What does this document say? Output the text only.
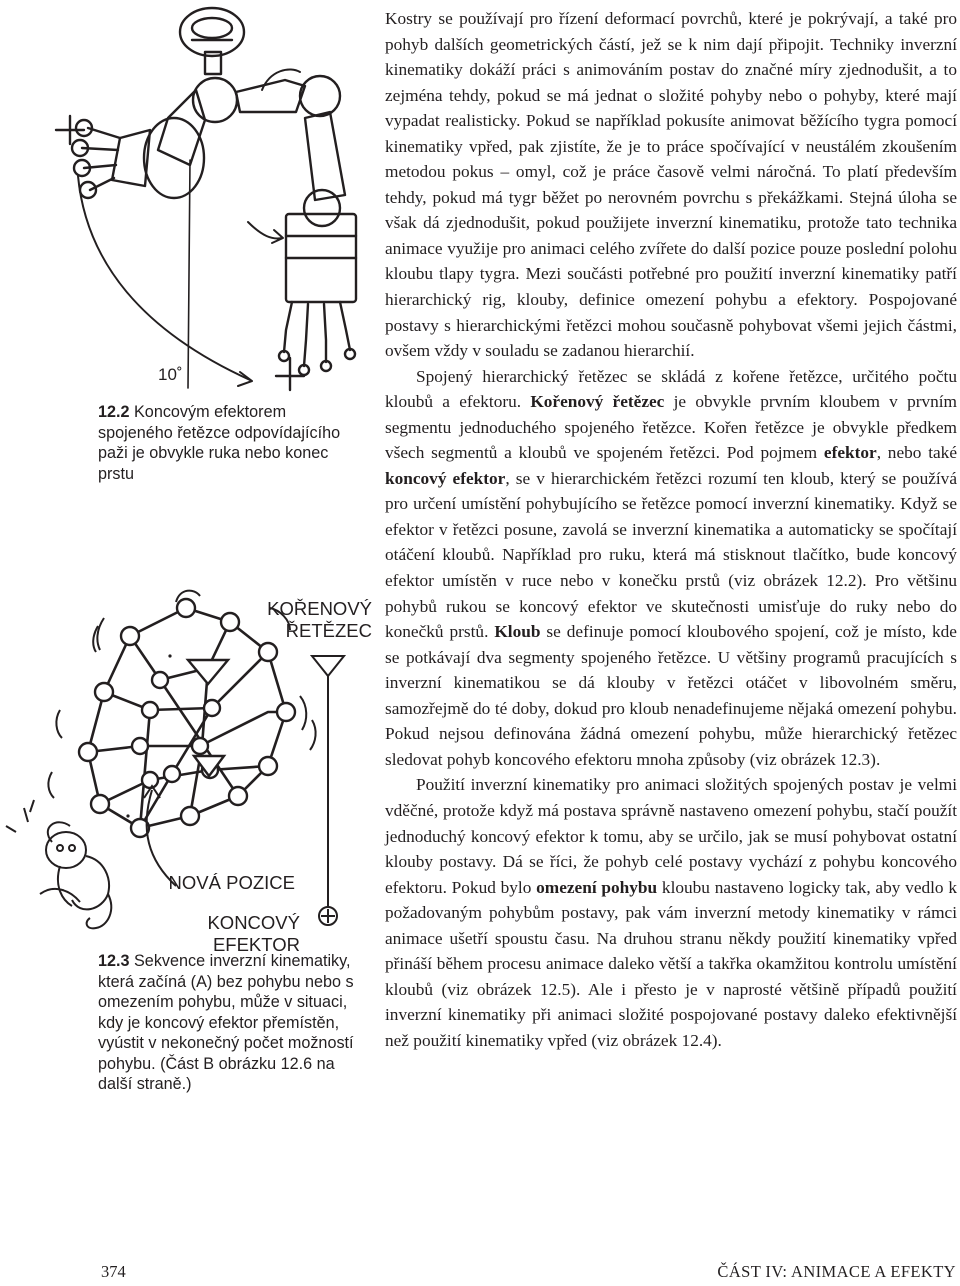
10˚
12.2 Koncovým efektorem spojeného řetězce odpovídajícího paži je obvykle ruka nebo konec prstu
KOŘENOVÝ ŘETĚZEC
NOVÁ POZICE
KONCOVÝ EFEKTOR
12.3 Sekvence inverzní kinematiky, která začíná (A) bez pohybu nebo s omezením pohybu, může v situaci, kdy je koncový efektor přemístěn, vyústit v nekonečný počet možností pohybu. (Část B obrázku 12.6 na další straně.)

Kostry se používají pro řízení deformací povrchů, které je pokrývají, a také pro pohyb dalších geometrických částí, jež se k nim dají připojit. Techniky inverzní kinematiky dokáží práci s animováním postav do značné míry zjednodušit, a to zejména tehdy, pokud se má jednat o složité pohyby nebo o pohyby, které mají vypadat realisticky. Pokud se například pokusíte animovat běžícího tygra pomocí kinematiky vpřed, pak zjistíte, že je to práce spočívající v neustálém zkoušením metodou pokus – omyl, což je práce časově velmi náročná. To platí především tehdy, pokud má tygr běžet po nerovném povrchu s překážkami. Stejná úloha se však dá zjednodušit, pokud použijete inverzní kinematiku, protože tato technika animace využije pro animaci celého zvířete do další pozice pouze poslední polohu kloubu tlapy tygra. Mezi součásti potřebné pro použití inverzní kinematiky patří hierarchický rig, klouby, definice omezení pohybu a efektory. Pospojované postavy s hierarchickými řetězci mohou současně pohybovat všemi jejich částmi, ovšem vždy v souladu se zadanou hierarchií.

Spojený hierarchický řetězec se skládá z kořene řetězce, určitého počtu kloubů a efektoru. Kořenový řetězec je obvykle prvním kloubem v prvním segmentu jednoduchého spojeného řetězce. Kořen řetězce je obvykle předkem všech segmentů a kloubů ve spojeném řetězci. Pod pojmem efektor, nebo také koncový efektor, se v hierarchickém řetězci rozumí ten kloub, který se používá pro určení umístění pohybujícího se řetězce pomocí inverzní kinematiky. Když se efektor v řetězci posune, zavolá se inverzní kinematika a automaticky se spočítají otáčení kloubů. Například pro ruku, která má stisknout tlačítko, bude koncový efektor umístěn v ruce nebo v konečku prstů (viz obrázek 12.2). Pro většinu pohybů rukou se koncový efektor ve skutečnosti umisťuje do ruky nebo do konečků prstů. Kloub se definuje pomocí kloubového spojení, což je místo, kde se potkávají dva segmenty spojeného řetězce. U většiny programů pracujících s inverzní kinematikou se dá klouby v řetězci otáčet v libovolném směru, samozřejmě do té doby, dokud pro kloub nenadefinujeme nějaká omezení pohybu. Pokud nejsou definována žádná omezení pohybu, může hierarchický řetězec sledovat pohyb koncového efektoru mnoha způsoby (viz obrázek 12.3).

Použití inverzní kinematiky pro animaci složitých spojených postav je velmi vděčné, protože když má postava správně nastaveno omezení pohybu, stačí použít jednoduchý koncový efektor k tomu, aby se určilo, jak se musí pohybovat ostatní klouby postavy. Dá se říci, že pohyb celé postavy vychází z pohybu koncového efektoru. Pokud bylo omezení pohybu kloubu nastaveno logicky tak, aby vedlo k požadovaným pohybům postavy, pak vám inverzní metody kinematiky v rámci animace ušetří spoustu času. Na druhou stranu někdy použití kinematiky vpřed přináší během procesu animace daleko větší a takřka okamžitou kontrolu umístění kloubů (viz obrázek 12.5). Ale i přesto je v naprosté většině případů použití inverzní kinematiky při animaci složité pospojované postavy daleko efektivnější než použití kinematiky vpřed (viz obrázek 12.4).

374	ČÁST IV: ANIMACE A EFEKTY
